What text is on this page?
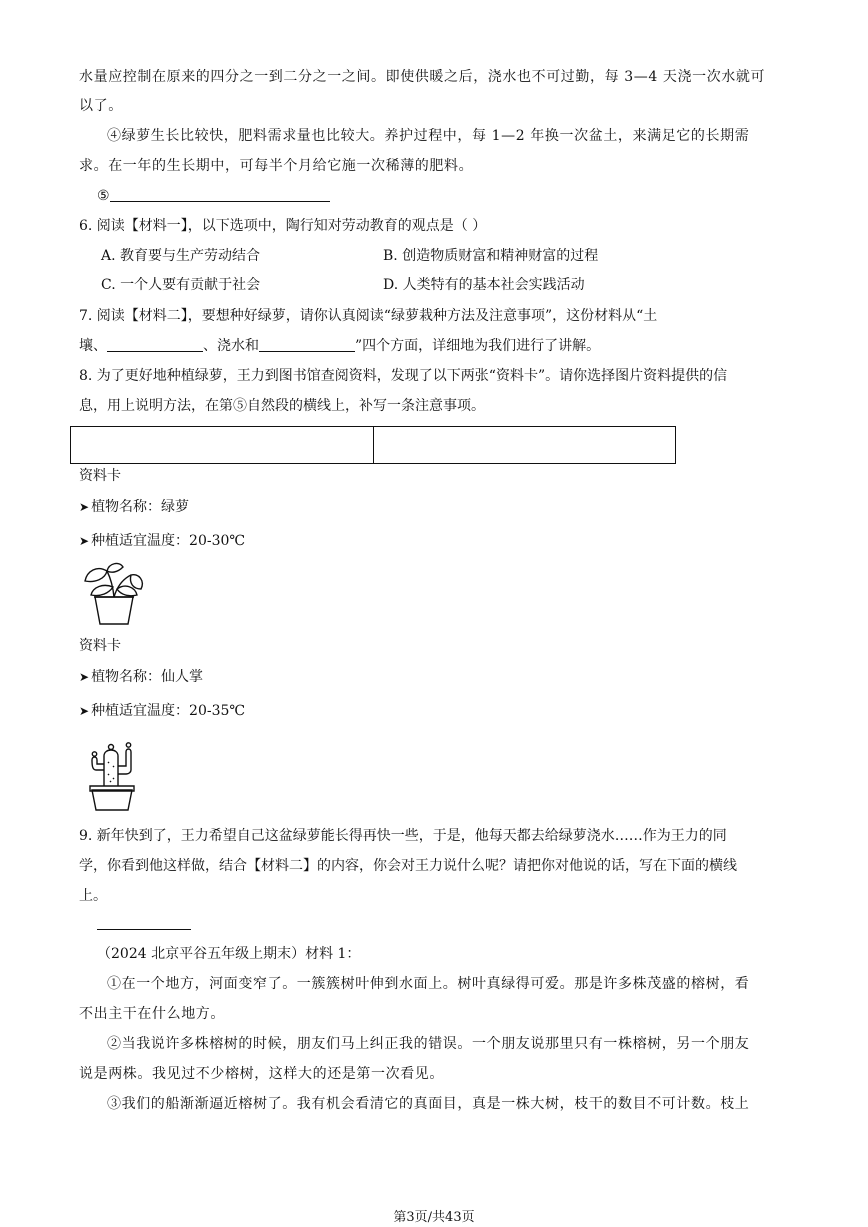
水量应控制在原来的四分之一到二分之一之间。即使供暖之后，浇水也不可过勤，每 3—4 天浇一次水就可
以了。
④绿萝生长比较快，肥料需求量也比较大。养护过程中，每 1—2 年换一次盆土，来满足它的长期需
求。在一年的生长期中，可每半个月给它施一次稀薄的肥料。
⑤
6. 阅读【材料一】，以下选项中，陶行知对劳动教育的观点是（ ）
A. 教育要与生产劳动结合	B. 创造物质财富和精神财富的过程
C. 一个人要有贡献于社会	D. 人类特有的基本社会实践活动
7. 阅读【材料二】，要想种好绿萝，请你认真阅读“绿萝栽种方法及注意事项”，这份材料从“土
壤、	、浇水和	”四个方面，详细地为我们进行了讲解。
8. 为了更好地种植绿萝，王力到图书馆查阅资料，发现了以下两张“资料卡”。请你选择图片资料提供的信
息，用上说明方法，在第⑤自然段的横线上，补写一条注意事项。
资料卡
➤ 植物名称：绿萝
➤ 种植适宜温度：20-30℃
资料卡
➤ 植物名称：仙人掌
➤ 种植适宜温度：20-35℃
9. 新年快到了，王力希望自己这盆绿萝能长得再快一些，于是，他每天都去给绿萝浇水……作为王力的同
学，你看到他这样做，结合【材料二】的内容，你会对王力说什么呢？请把你对他说的话，写在下面的横线
上。
（2024 北京平谷五年级上期末）材料 1：
①在一个地方，河面变窄了。一簇簇树叶伸到水面上。树叶真绿得可爱。那是许多株茂盛的榕树，看
不出主干在什么地方。
②当我说许多株榕树的时候，朋友们马上纠正我的错误。一个朋友说那里只有一株榕树，另一个朋友
说是两株。我见过不少榕树，这样大的还是第一次看见。
③我们的船渐渐逼近榕树了。我有机会看清它的真面目，真是一株大树，枝干的数目不可计数。枝上
第3页/共43页
